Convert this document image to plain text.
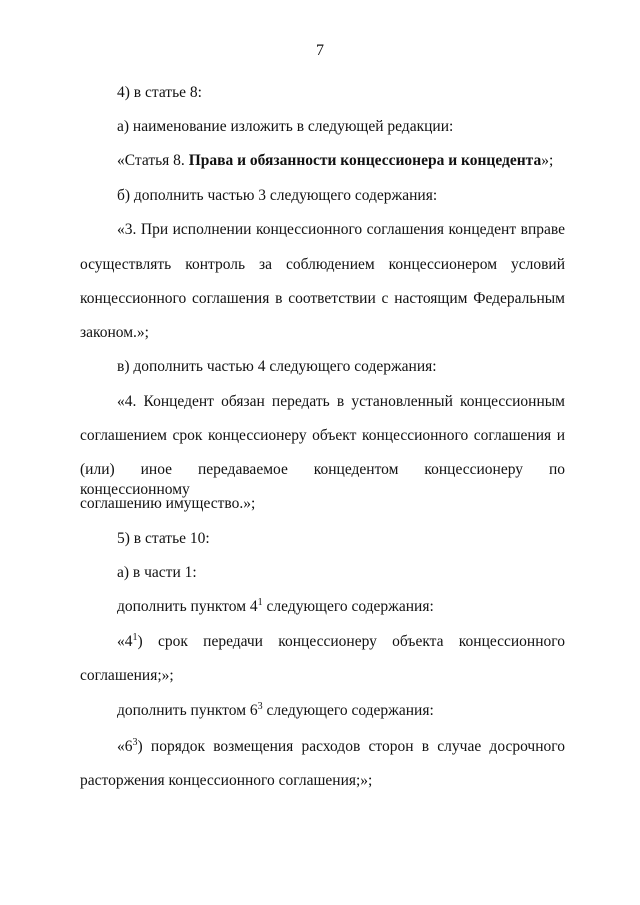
7
4) в статье 8:
а) наименование изложить в следующей редакции:
«Статья 8. Права и обязанности концессионера и концедента»;
б) дополнить частью 3 следующего содержания:
«3. При исполнении концессионного соглашения концедент вправе
осуществлять контроль за соблюдением концессионером условий
концессионного соглашения в соответствии с настоящим Федеральным
законом.»;
в) дополнить частью 4 следующего содержания:
«4. Концедент обязан передать в установленный концессионным
соглашением срок концессионеру объект концессионного соглашения и
(или) иное передаваемое концедентом концессионеру по концессионному
соглашению имущество.»;
5) в статье 10:
а) в части 1:
дополнить пунктом $4^1$ следующего содержания:
«$4^1$) срок передачи концессионеру объекта концессионного
соглашения;»;
дополнить пунктом $6^3$ следующего содержания:
«$6^3$) порядок возмещения расходов сторон в случае досрочного
расторжения концессионного соглашения;»;
